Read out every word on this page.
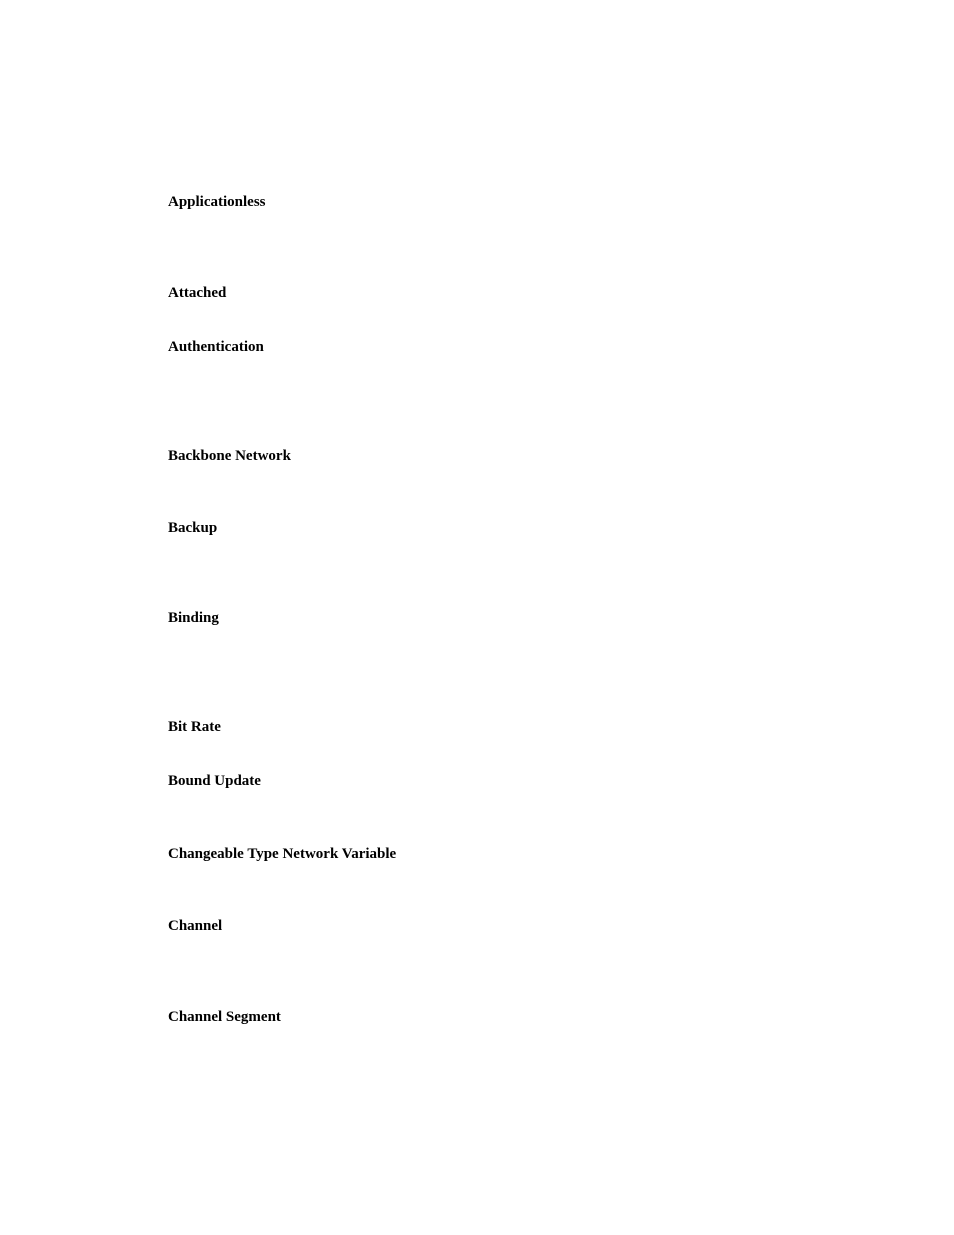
Applicationless

Attached

Authentication

Backbone Network

Backup

Binding

Bit Rate

Bound Update

Changeable Type Network Variable

Channel

Channel Segment
